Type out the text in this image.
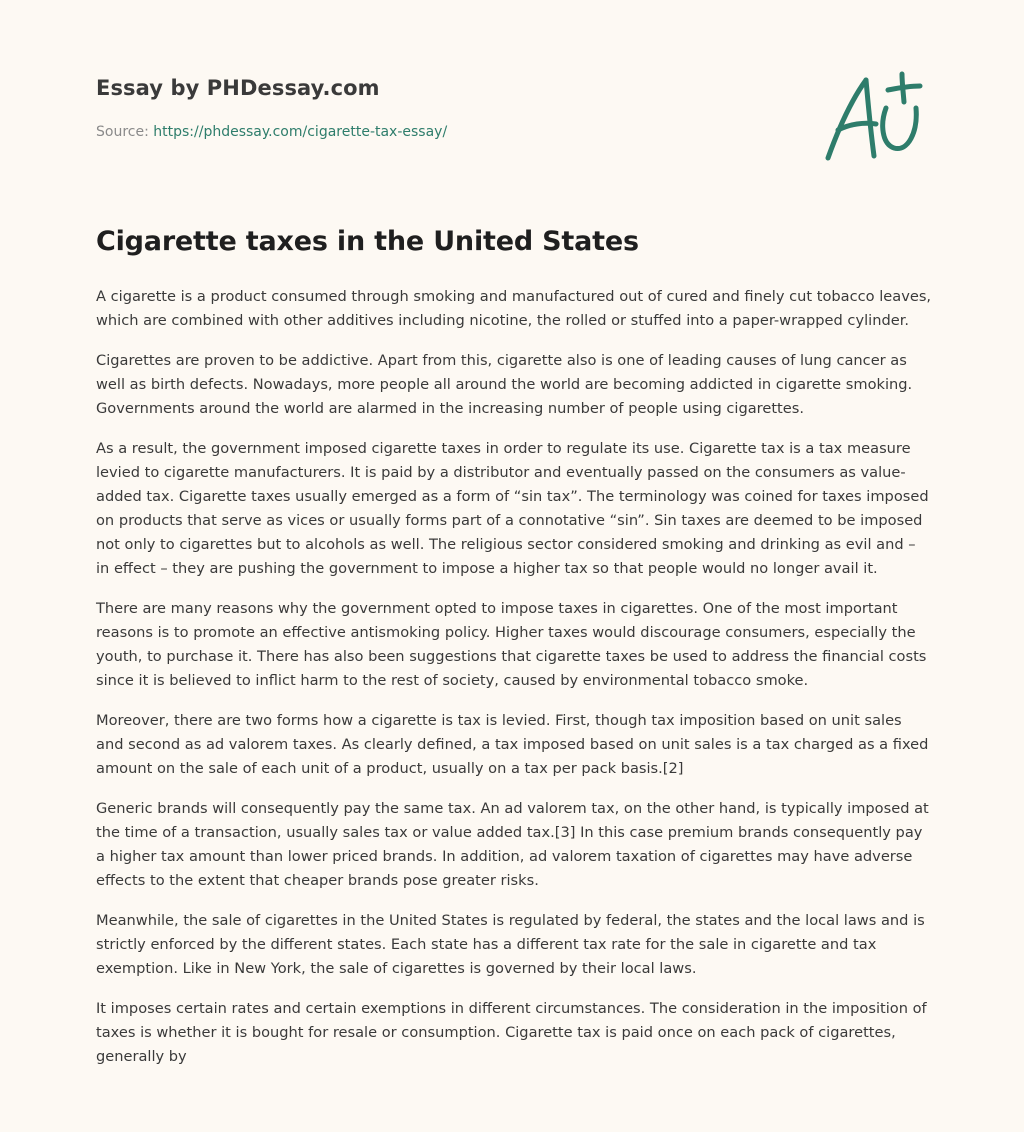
Essay by PHDessay.com
Source: https://phdessay.com/cigarette-tax-essay/
Cigarette taxes in the United States

A cigarette is a product consumed through smoking and manufactured out of cured and finely cut tobacco leaves, which are combined with other additives including nicotine, the rolled or stuffed into a paper-wrapped cylinder.

Cigarettes are proven to be addictive. Apart from this, cigarette also is one of leading causes of lung cancer as well as birth defects. Nowadays, more people all around the world are becoming addicted in cigarette smoking. Governments around the world are alarmed in the increasing number of people using cigarettes.

As a result, the government imposed cigarette taxes in order to regulate its use. Cigarette tax is a tax measure levied to cigarette manufacturers. It is paid by a distributor and eventually passed on the consumers as value-added tax. Cigarette taxes usually emerged as a form of “sin tax”. The terminology was coined for taxes imposed on products that serve as vices or usually forms part of a connotative “sin”. Sin taxes are deemed to be imposed not only to cigarettes but to alcohols as well. The religious sector considered smoking and drinking as evil and – in effect – they are pushing the government to impose a higher tax so that people would no longer avail it.

There are many reasons why the government opted to impose taxes in cigarettes. One of the most important reasons is to promote an effective antismoking policy. Higher taxes would discourage consumers, especially the youth, to purchase it. There has also been suggestions that cigarette taxes be used to address the financial costs since it is believed to inflict harm to the rest of society, caused by environmental tobacco smoke.

Moreover, there are two forms how a cigarette is tax is levied. First, though tax imposition based on unit sales and second as ad valorem taxes. As clearly defined, a tax imposed based on unit sales is a tax charged as a fixed amount on the sale of each unit of a product, usually on a tax per pack basis.[2]

Generic brands will consequently pay the same tax. An ad valorem tax, on the other hand, is typically imposed at the time of a transaction, usually sales tax or value added tax.[3] In this case premium brands consequently pay a higher tax amount than lower priced brands. In addition, ad valorem taxation of cigarettes may have adverse effects to the extent that cheaper brands pose greater risks.

Meanwhile, the sale of cigarettes in the United States is regulated by federal, the states and the local laws and is strictly enforced by the different states. Each state has a different tax rate for the sale in cigarette and tax exemption. Like in New York, the sale of cigarettes is governed by their local laws.

It imposes certain rates and certain exemptions in different circumstances. The consideration in the imposition of taxes is whether it is bought for resale or consumption. Cigarette tax is paid once on each pack of cigarettes, generally by
